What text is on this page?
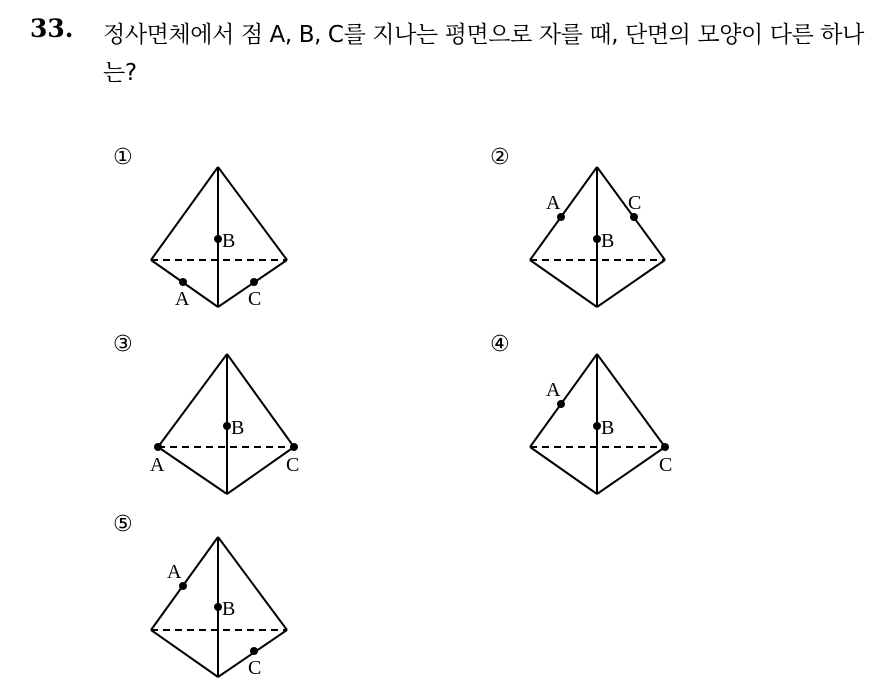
33. 정사면체에서 점 A, B, C를 지나는 평면으로 자를 때, 단면의 모양이 다른 하나는?
①	②
③	④
⑤
B
A	C
A
B
C
A
B
C
A
B
C
A
B
C
